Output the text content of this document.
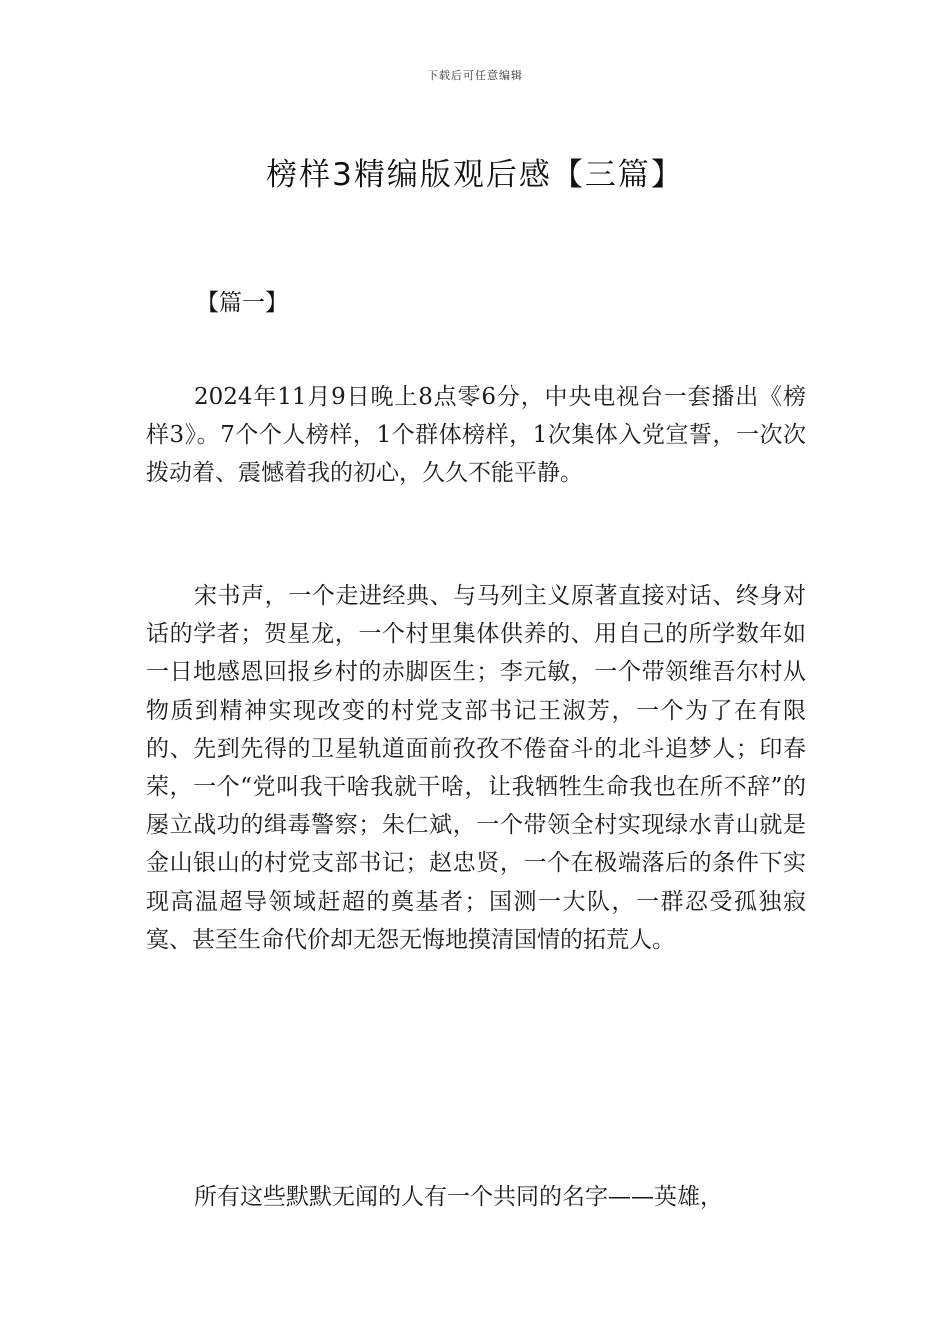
下载后可任意编辑
榜样3精编版观后感【三篇】
【篇一】

2024年11月9日晚上8点零6分，中央电视台一套播出《榜样3》。7个个人榜样，1个群体榜样，1次集体入党宣誓，一次次拨动着、震憾着我的初心，久久不能平静。

宋书声，一个走进经典、与马列主义原著直接对话、终身对话的学者；贺星龙，一个村里集体供养的、用自己的所学数年如一日地感恩回报乡村的赤脚医生；李元敏，一个带领维吾尔村从物质到精神实现改变的村党支部书记王淑芳，一个为了在有限的、先到先得的卫星轨道面前孜孜不倦奋斗的北斗追梦人；印春荣，一个“党叫我干啥我就干啥，让我牺牲生命我也在所不辞”的屡立战功的缉毒警察；朱仁斌，一个带领全村实现绿水青山就是金山银山的村党支部书记；赵忠贤，一个在极端落后的条件下实现高温超导领域赶超的奠基者；国测一大队，一群忍受孤独寂寞、甚至生命代价却无怨无悔地摸清国情的拓荒人。

所有这些默默无闻的人有一个共同的名字——英雄，
